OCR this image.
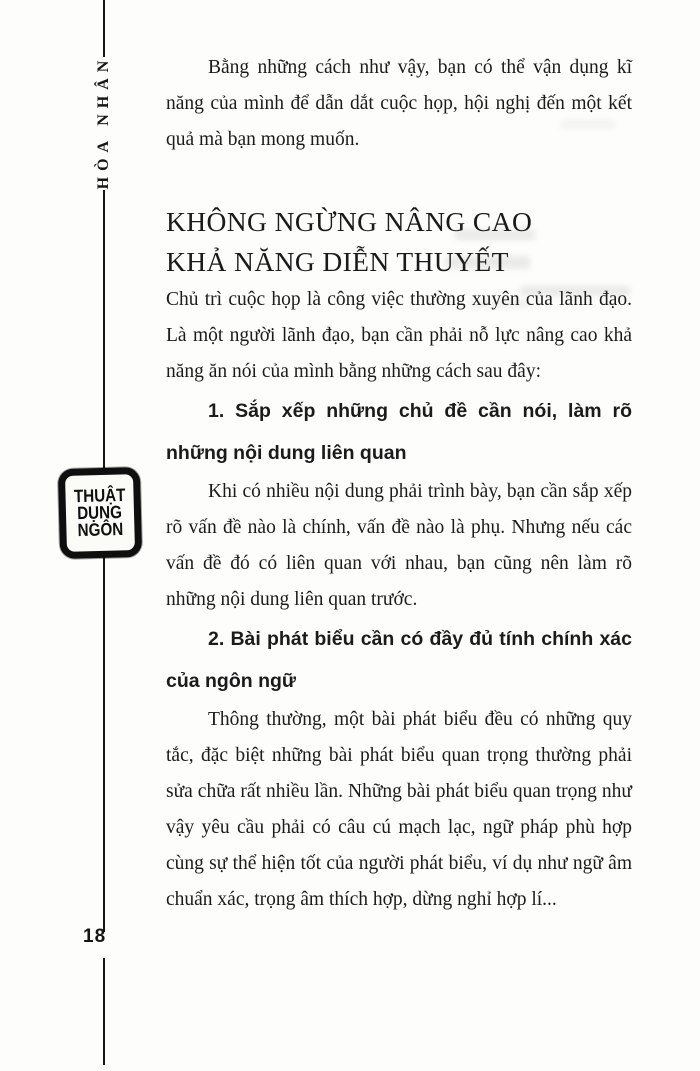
HÒA NHÂN
THUẬT
DỤNG
NGÔN
18

Bằng những cách như vậy, bạn có thể vận dụng kĩ năng của mình để dẫn dắt cuộc họp, hội nghị đến một kết quả mà bạn mong muốn.

KHÔNG NGỪNG NÂNG CAO
KHẢ NĂNG DIỄN THUYẾT

Chủ trì cuộc họp là công việc thường xuyên của lãnh đạo. Là một người lãnh đạo, bạn cần phải nỗ lực nâng cao khả năng ăn nói của mình bằng những cách sau đây:

1. Sắp xếp những chủ đề cần nói, làm rõ những nội dung liên quan

Khi có nhiều nội dung phải trình bày, bạn cần sắp xếp rõ vấn đề nào là chính, vấn đề nào là phụ. Nhưng nếu các vấn đề đó có liên quan với nhau, bạn cũng nên làm rõ những nội dung liên quan trước.

2. Bài phát biểu cần có đầy đủ tính chính xác của ngôn ngữ

Thông thường, một bài phát biểu đều có những quy tắc, đặc biệt những bài phát biểu quan trọng thường phải sửa chữa rất nhiều lần. Những bài phát biểu quan trọng như vậy yêu cầu phải có câu cú mạch lạc, ngữ pháp phù hợp cùng sự thể hiện tốt của người phát biểu, ví dụ như ngữ âm chuẩn xác, trọng âm thích hợp, dừng nghỉ hợp lí...
